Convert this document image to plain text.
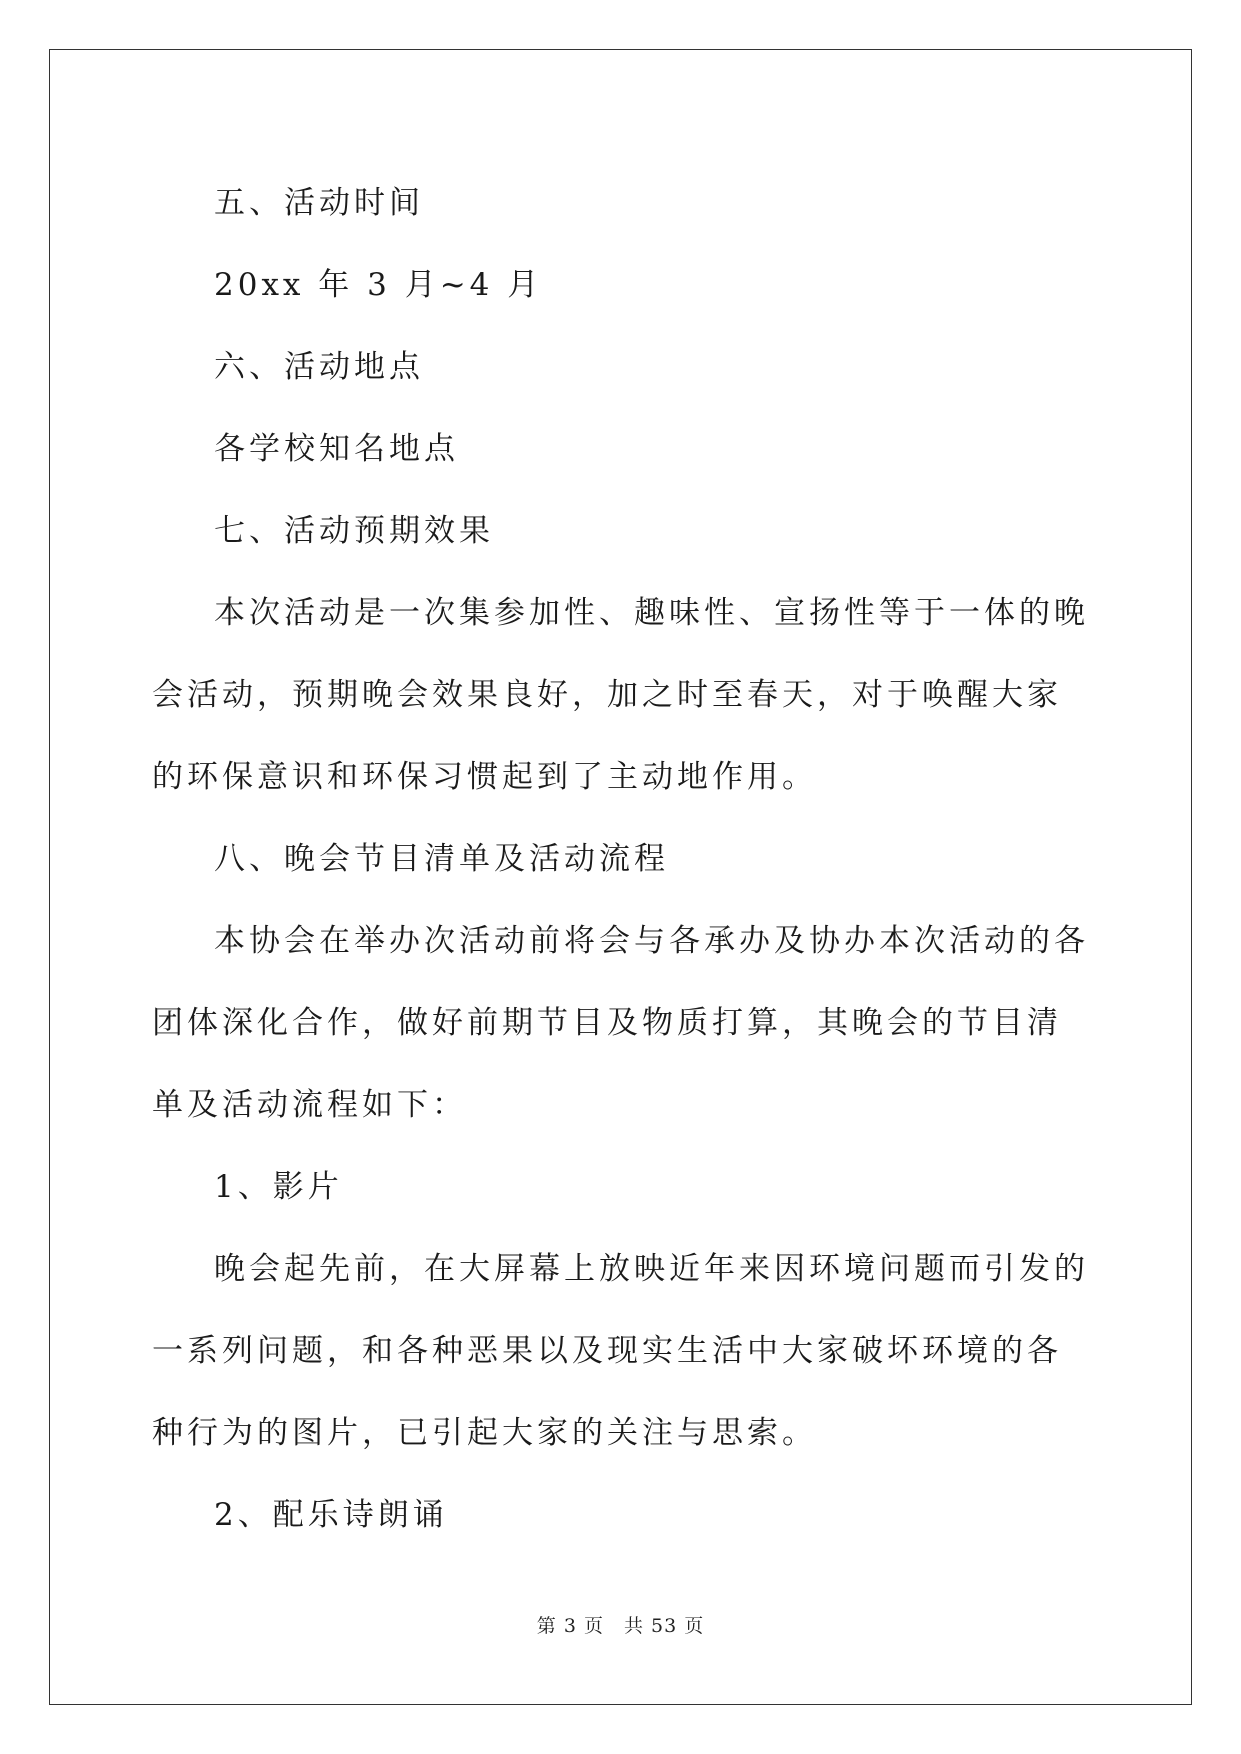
五、活动时间

20xx 年 3 月~4 月

六、活动地点

各学校知名地点

七、活动预期效果

本次活动是一次集参加性、趣味性、宣扬性等于一体的晚会活动，预期晚会效果良好，加之时至春天，对于唤醒大家的环保意识和环保习惯起到了主动地作用。

八、晚会节目清单及活动流程

本协会在举办次活动前将会与各承办及协办本次活动的各团体深化合作，做好前期节目及物质打算，其晚会的节目清单及活动流程如下：

1、影片

晚会起先前，在大屏幕上放映近年来因环境问题而引发的一系列问题，和各种恶果以及现实生活中大家破坏环境的各种行为的图片，已引起大家的关注与思索。

2、配乐诗朗诵

第 3 页　共 53 页
